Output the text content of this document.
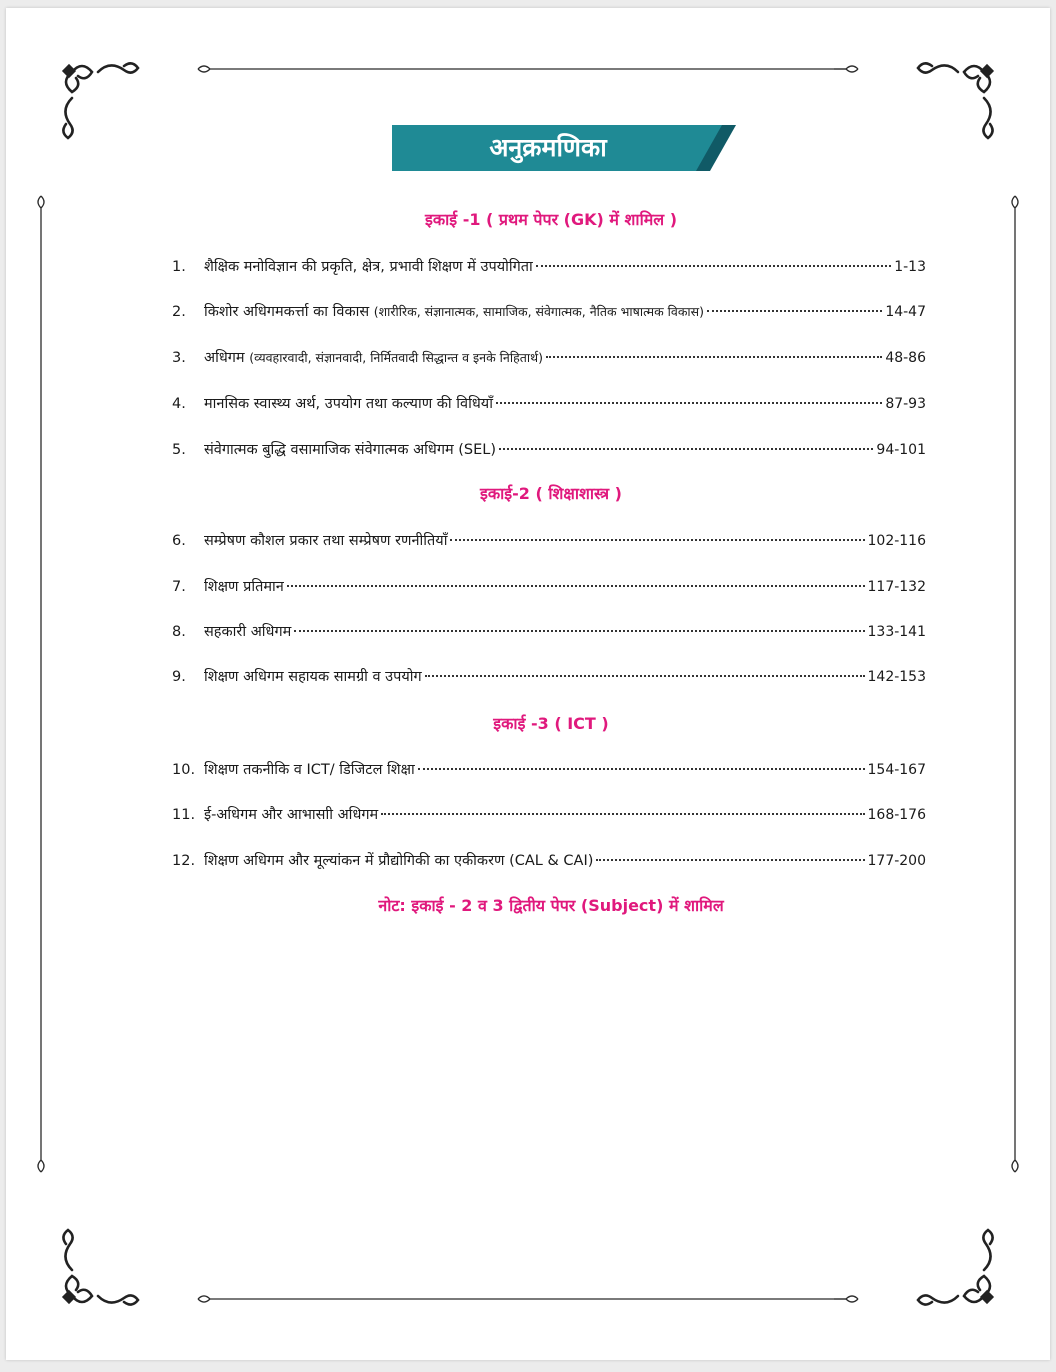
अनुक्रमणिका
इकाई -1 ( प्रथम पेपर (GK) में शामिल )
इकाई-2 ( शिक्षाशास्त्र )
इकाई -3 ( ICT )
1.	शैक्षिक मनोविज्ञान की प्रकृति, क्षेत्र, प्रभावी शिक्षण में उपयोगिता	1-13
2.	किशोर अधिगमकर्त्ता का विकास (शारीरिक, संज्ञानात्मक, सामाजिक, संवेगात्मक, नैतिक भाषात्मक विकास)	14-47
3.	अधिगम (व्यवहारवादी, संज्ञानवादी, निर्मितवादी सिद्धान्त व इनके निहितार्थ)	48-86
4.	मानसिक स्वास्थ्य अर्थ, उपयोग तथा कल्याण की विधियाँ	87-93
5.	संवेगात्मक बुद्धि वसामाजिक संवेगात्मक अधिगम (SEL)	94-101
6.	सम्प्रेषण कौशल प्रकार तथा सम्प्रेषण रणनीतियाँ	102-116
7.	शिक्षण प्रतिमान	117-132
8.	सहकारी अधिगम	133-141
9.	शिक्षण अधिगम सहायक सामग्री व उपयोग	142-153
10. शिक्षण तकनीकि व ICT/ डिजिटल शिक्षा	154-167
11. ई-अधिगम और आभासाी अधिगम	168-176
12. शिक्षण अधिगम और मूल्यांकन में प्रौद्योगिकी का एकीकरण (CAL & CAI)	177-200
नोट: इकाई - 2 व 3 द्वितीय पेपर (Subject) में शामिल
